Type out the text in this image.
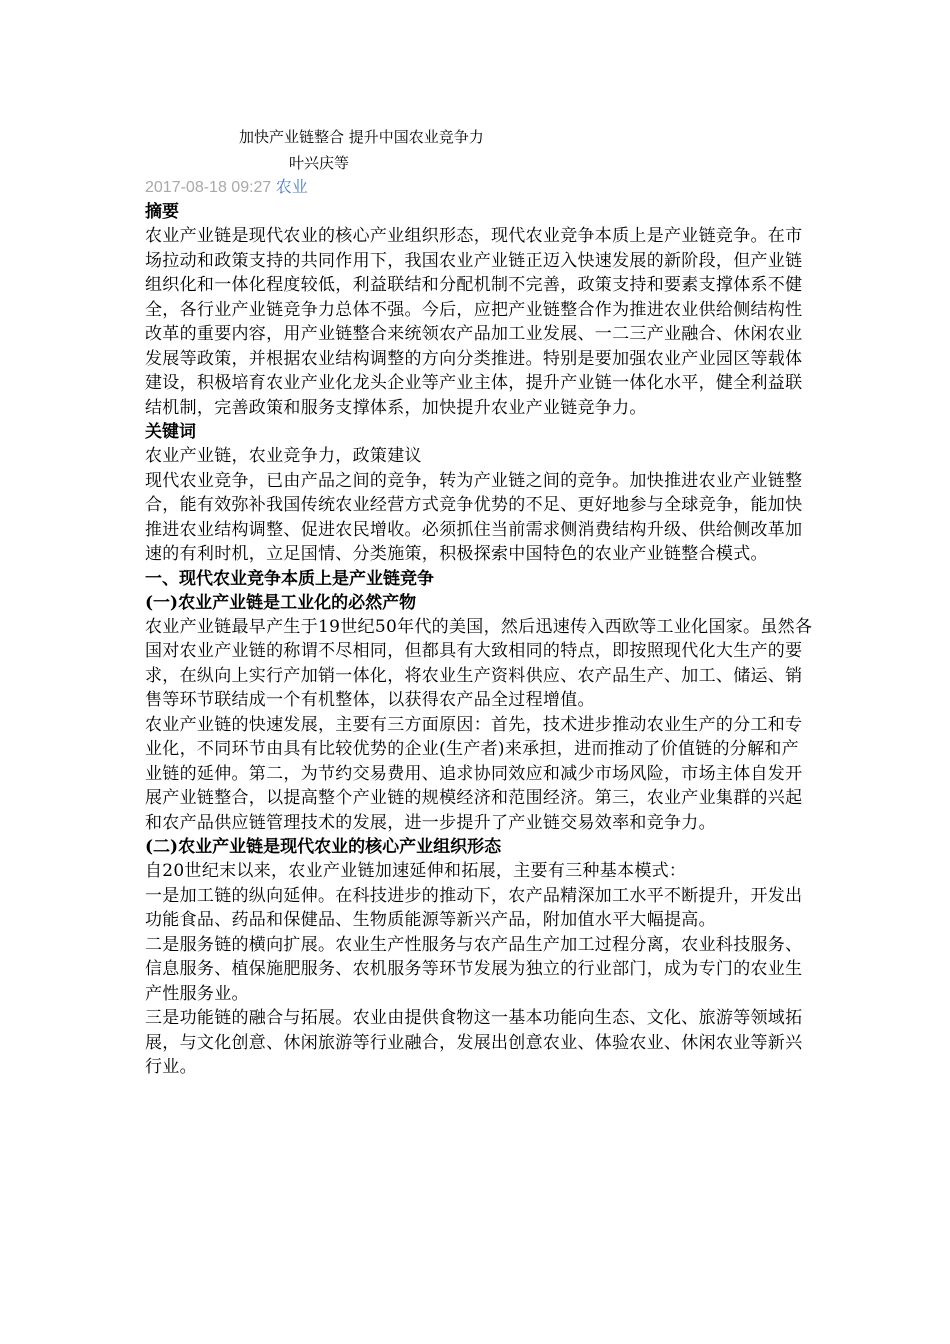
加快产业链整合 提升中国农业竞争力
叶兴庆等
2017-08-18 09:27 农业
摘要

农业产业链是现代农业的核心产业组织形态，现代农业竞争本质上是产业链竞争。在市场拉动和政策支持的共同作用下，我国农业产业链正迈入快速发展的新阶段，但产业链组织化和一体化程度较低，利益联结和分配机制不完善，政策支持和要素支撑体系不健全，各行业产业链竞争力总体不强。今后，应把产业链整合作为推进农业供给侧结构性改革的重要内容，用产业链整合来统领农产品加工业发展、一二三产业融合、休闲农业发展等政策，并根据农业结构调整的方向分类推进。特别是要加强农业产业园区等载体建设，积极培育农业产业化龙头企业等产业主体，提升产业链一体化水平，健全利益联结机制，完善政策和服务支撑体系，加快提升农业产业链竞争力。

关键词

农业产业链，农业竞争力，政策建议

现代农业竞争，已由产品之间的竞争，转为产业链之间的竞争。加快推进农业产业链整合，能有效弥补我国传统农业经营方式竞争优势的不足、更好地参与全球竞争，能加快推进农业结构调整、促进农民增收。必须抓住当前需求侧消费结构升级、供给侧改革加速的有利时机，立足国情、分类施策，积极探索中国特色的农业产业链整合模式。

一、现代农业竞争本质上是产业链竞争
(一)农业产业链是工业化的必然产物

农业产业链最早产生于19世纪50年代的美国，然后迅速传入西欧等工业化国家。虽然各国对农业产业链的称谓不尽相同，但都具有大致相同的特点，即按照现代化大生产的要求，在纵向上实行产加销一体化，将农业生产资料供应、农产品生产、加工、储运、销售等环节联结成一个有机整体，以获得农产品全过程增值。

农业产业链的快速发展，主要有三方面原因：首先，技术进步推动农业生产的分工和专业化，不同环节由具有比较优势的企业(生产者)来承担，进而推动了价值链的分解和产业链的延伸。第二，为节约交易费用、追求协同效应和减少市场风险，市场主体自发开展产业链整合，以提高整个产业链的规模经济和范围经济。第三，农业产业集群的兴起和农产品供应链管理技术的发展，进一步提升了产业链交易效率和竞争力。

(二)农业产业链是现代农业的核心产业组织形态

自20世纪末以来，农业产业链加速延伸和拓展，主要有三种基本模式：

一是加工链的纵向延伸。在科技进步的推动下，农产品精深加工水平不断提升，开发出功能食品、药品和保健品、生物质能源等新兴产品，附加值水平大幅提高。

二是服务链的横向扩展。农业生产性服务与农产品生产加工过程分离，农业科技服务、信息服务、植保施肥服务、农机服务等环节发展为独立的行业部门，成为专门的农业生产性服务业。

三是功能链的融合与拓展。农业由提供食物这一基本功能向生态、文化、旅游等领域拓展，与文化创意、休闲旅游等行业融合，发展出创意农业、体验农业、休闲农业等新兴行业。
